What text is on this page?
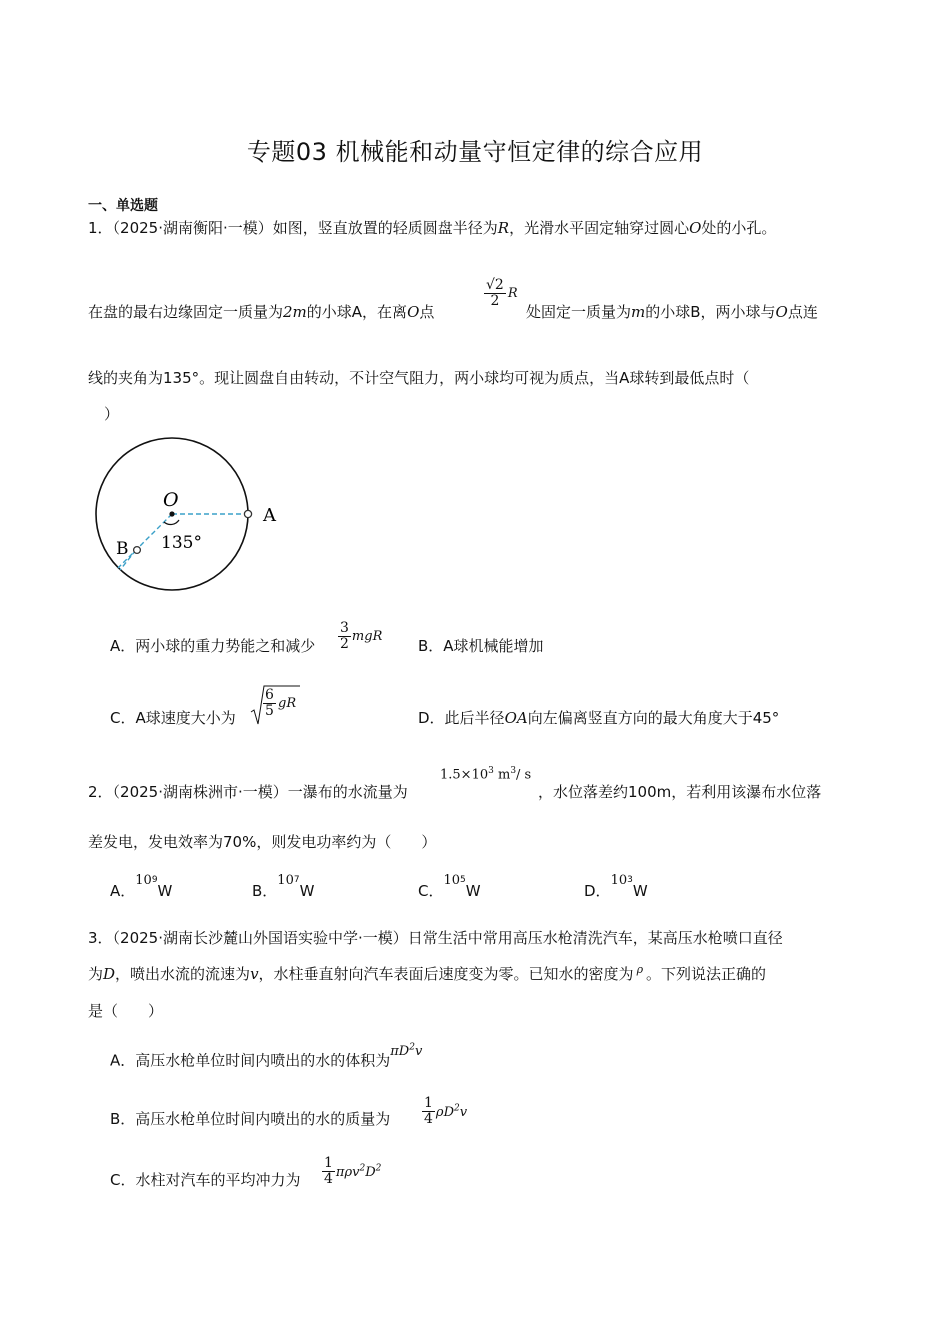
专题03 机械能和动量守恒定律的综合应用
一、单选题
1．（2025·湖南衡阳·一模）如图，竖直放置的轻质圆盘半径为R，光滑水平固定轴穿过圆心O处的小孔。
在盘的最右边缘固定一质量为2m的小球A，在离O点
$\frac{√2}{2}$ R
处固定一质量为m的小球B，两小球与O点连
线的夹角为135°。现让圆盘自由转动，不计空气阻力，两小球均可视为质点，当A球转到最低点时（
）
O
A
B 135°
A．两小球的重力势能之和减少 $\frac{3}{2}$ mgR
B．A球机械能增加
C．A球速度大小为 $\frac{6}{5}$ gR
D．此后半径OA向左偏离竖直方向的最大角度大于45°
2．（2025·湖南株洲市·一模）一瀑布的水流量为
$1.5\times 10^3$ $m^3/$ s
，水位落差约100m，若利用该瀑布水位落
差发电，发电效率为70%，则发电功率约为（　　）
A．$10^9W$	B．$10^7W$	C．$10^5W$	D．$10^3W$
3．（2025·湖南长沙麓山外国语实验中学·一模）日常生活中常用高压水枪清洗汽车，某高压水枪喷口直径
为D，喷出水流的流速为v，水柱垂直射向汽车表面后速度变为零。已知水的密度为 $^\rho$ 。下列说法正确的
是（　　）
A．高压水枪单位时间内喷出的水的体积为$\pi D^2v$
B．高压水枪单位时间内喷出的水的质量为 $\frac{1}{4} \rho D^2v$
C．水柱对汽车的平均冲力为 $\frac{1}{4} \pi\rho v^2D^2$
